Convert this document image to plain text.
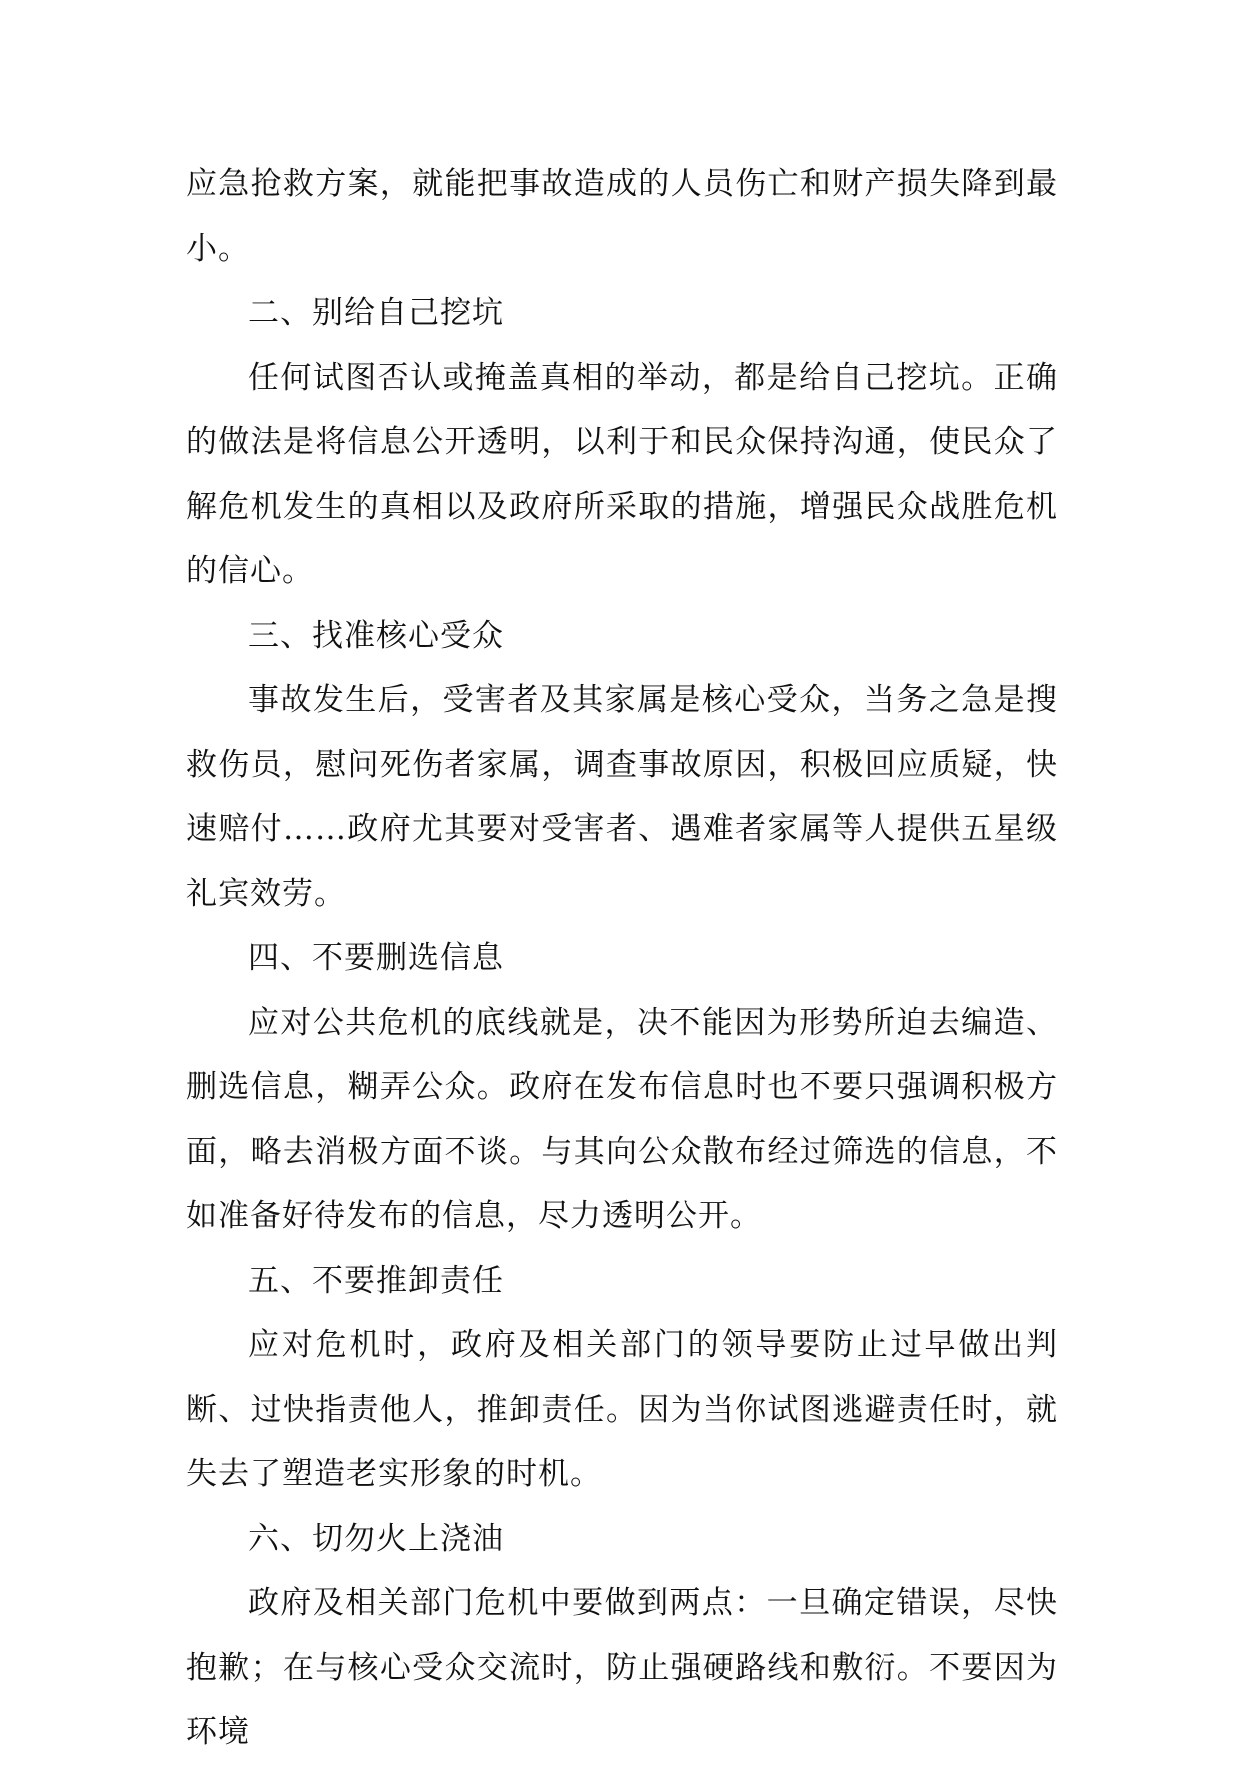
应急抢救方案，就能把事故造成的人员伤亡和财产损失降到最小。

二、别给自己挖坑

任何试图否认或掩盖真相的举动，都是给自己挖坑。正确的做法是将信息公开透明，以利于和民众保持沟通，使民众了解危机发生的真相以及政府所采取的措施，增强民众战胜危机的信心。

三、找准核心受众

事故发生后，受害者及其家属是核心受众，当务之急是搜救伤员，慰问死伤者家属，调查事故原因，积极回应质疑，快速赔付……政府尤其要对受害者、遇难者家属等人提供五星级礼宾效劳。

四、不要删选信息

应对公共危机的底线就是，决不能因为形势所迫去编造、删选信息，糊弄公众。政府在发布信息时也不要只强调积极方面，略去消极方面不谈。与其向公众散布经过筛选的信息，不如准备好待发布的信息，尽力透明公开。

五、不要推卸责任

应对危机时，政府及相关部门的领导要防止过早做出判断、过快指责他人，推卸责任。因为当你试图逃避责任时，就失去了塑造老实形象的时机。

六、切勿火上浇油

政府及相关部门危机中要做到两点：一旦确定错误，尽快抱歉；在与核心受众交流时，防止强硬路线和敷衍。不要因为环境
